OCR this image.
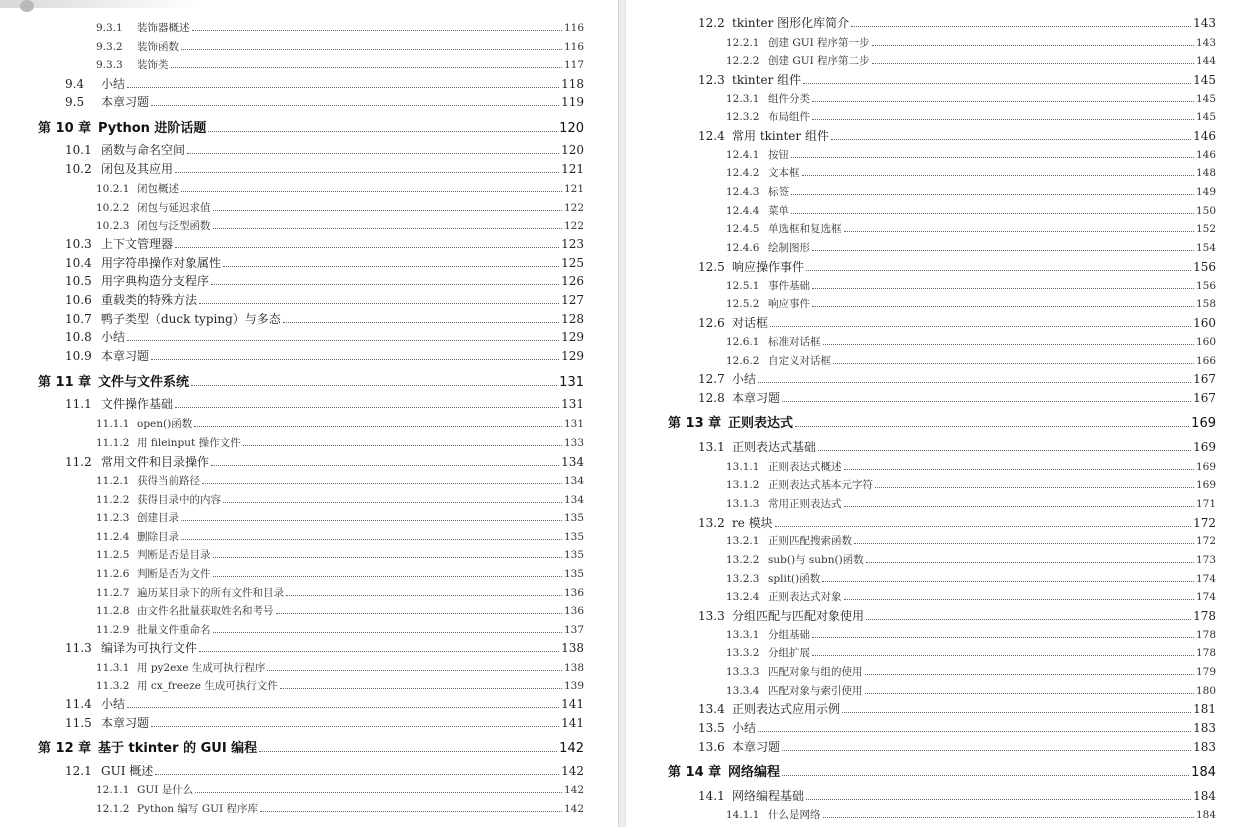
9.3.1	装饰器概述	116
9.3.2	装饰函数	116
9.3.3	装饰类	117
9.4	小结	118
9.5	本章习题	119
第 10 章 Python 进阶话题	120
10.1 函数与命名空间	120
10.2 闭包及其应用	121
10.2.1 闭包概述	121
10.2.2 闭包与延迟求值	122
10.2.3 闭包与泛型函数	122
10.3 上下文管理器	123
10.4 用字符串操作对象属性	125
10.5 用字典构造分支程序	126
10.6 重载类的特殊方法	127
10.7 鸭子类型（duck typing）与多态	128
10.8 小结	129
10.9 本章习题	129
第 11 章 文件与文件系统	131
11.1 文件操作基础	131
11.1.1 open()函数	131
11.1.2 用 fileinput 操作文件	133
11.2 常用文件和目录操作	134
11.2.1 获得当前路径	134
11.2.2 获得目录中的内容	134
11.2.3 创建目录	135
11.2.4 删除目录	135
11.2.5 判断是否是目录	135
11.2.6 判断是否为文件	135
11.2.7 遍历某目录下的所有文件和目录	136
11.2.8 由文件名批量获取姓名和考号	136
11.2.9 批量文件重命名	137
11.3 编译为可执行文件	138
11.3.1 用 py2exe 生成可执行程序	138
11.3.2 用 cx_freeze 生成可执行文件	139
11.4 小结	141
11.5 本章习题	141
第 12 章 基于 tkinter 的 GUI 编程	142
12.1 GUI 概述	142
12.1.1 GUI 是什么	142
12.1.2 Python 编写 GUI 程序库	142
12.2 tkinter 图形化库简介	143
12.2.1 创建 GUI 程序第一步	143
12.2.2 创建 GUI 程序第二步	144
12.3 tkinter 组件	145
12.3.1 组件分类	145
12.3.2 布局组件	145
12.4 常用 tkinter 组件	146
12.4.1 按钮	146
12.4.2 文本框	148
12.4.3 标签	149
12.4.4 菜单	150
12.4.5 单选框和复选框	152
12.4.6 绘制图形	154
12.5 响应操作事件	156
12.5.1 事件基础	156
12.5.2 响应事件	158
12.6 对话框	160
12.6.1 标准对话框	160
12.6.2 自定义对话框	166
12.7 小结	167
12.8 本章习题	167
第 13 章 正则表达式	169
13.1 正则表达式基础	169
13.1.1 正则表达式概述	169
13.1.2 正则表达式基本元字符	169
13.1.3 常用正则表达式	171
13.2 re 模块	172
13.2.1 正则匹配搜索函数	172
13.2.2 sub()与 subn()函数	173
13.2.3 split()函数	174
13.2.4 正则表达式对象	174
13.3 分组匹配与匹配对象使用	178
13.3.1 分组基础	178
13.3.2 分组扩展	178
13.3.3 匹配对象与组的使用	179
13.3.4 匹配对象与索引使用	180
13.4 正则表达式应用示例	181
13.5 小结	183
13.6 本章习题	183
第 14 章 网络编程	184
14.1 网络编程基础	184
14.1.1 什么是网络	184
